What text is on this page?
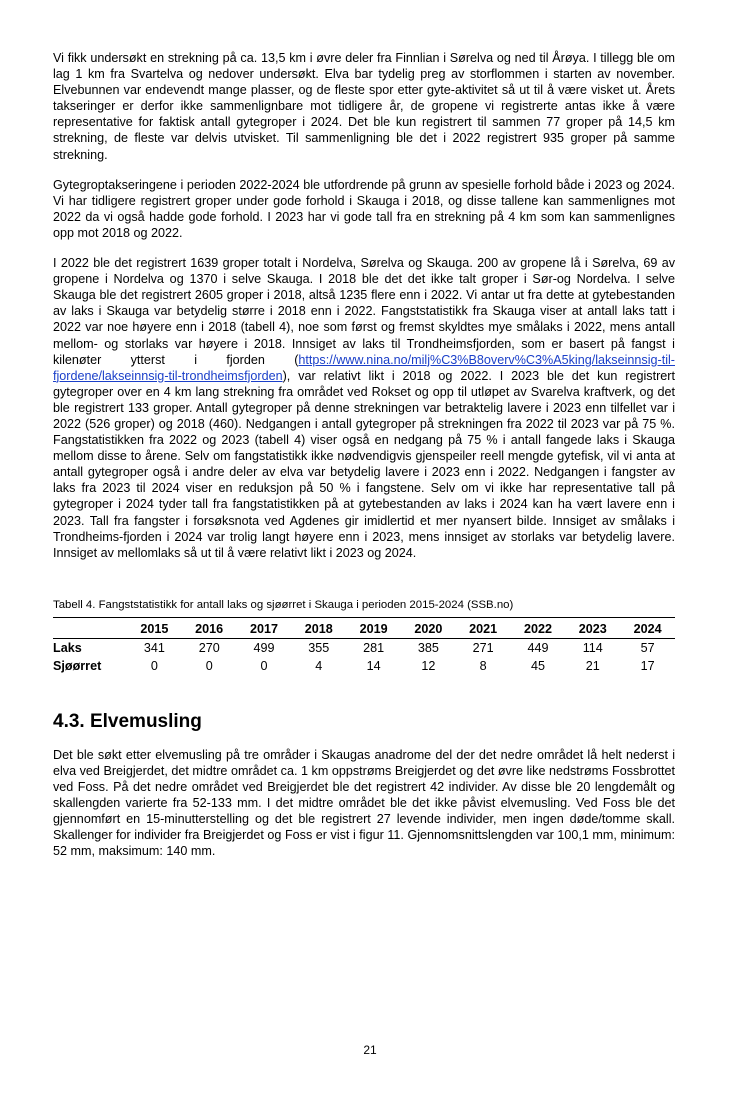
Vi fikk undersøkt en strekning på ca. 13,5 km i øvre deler fra Finnlian i Sørelva og ned til Årøya. I tillegg ble om lag 1 km fra Svartelva og nedover undersøkt. Elva bar tydelig preg av storflommen i starten av november. Elvebunnen var endevendt mange plasser, og de fleste spor etter gyte-aktivitet så ut til å være visket ut. Årets takseringer er derfor ikke sammenlignbare mot tidligere år, de gropene vi registrerte antas ikke å være representative for faktisk antall gytegroper i 2024. Det ble kun registrert til sammen 77 groper på 14,5 km strekning, de fleste var delvis utvisket. Til sammenligning ble det i 2022 registrert 935 groper på samme strekning.

Gytegroptakseringene i perioden 2022-2024 ble utfordrende på grunn av spesielle forhold både i 2023 og 2024. Vi har tidligere registrert groper under gode forhold i Skauga i 2018, og disse tallene kan sammenlignes mot 2022 da vi også hadde gode forhold. I 2023 har vi gode tall fra en strekning på 4 km som kan sammenlignes opp mot 2018 og 2022.

I 2022 ble det registrert 1639 groper totalt i Nordelva, Sørelva og Skauga. 200 av gropene lå i Sørelva, 69 av gropene i Nordelva og 1370 i selve Skauga. I 2018 ble det det ikke talt groper i Sør-og Nordelva. I selve Skauga ble det registrert 2605 groper i 2018, altså 1235 flere enn i 2022. Vi antar ut fra dette at gytebestanden av laks i Skauga var betydelig større i 2018 enn i 2022. Fangststatistikk fra Skauga viser at antall laks tatt i 2022 var noe høyere enn i 2018 (tabell 4), noe som først og fremst skyldtes mye smålaks i 2022, mens antall mellom- og storlaks var høyere i 2018. Innsiget av laks til Trondheimsfjorden, som er basert på fangst i kilenøter ytterst i fjorden (https://www.nina.no/milj%C3%B8overv%C3%A5king/lakseinnsig-til-fjordene/lakseinnsig-til-trondheimsfjorden), var relativt likt i 2018 og 2022. I 2023 ble det kun registrert gytegroper over en 4 km lang strekning fra området ved Rokset og opp til utløpet av Svarelva kraftverk, og det ble registrert 133 groper. Antall gytegroper på denne strekningen var betraktelig lavere i 2023 enn tilfellet var i 2022 (526 groper) og 2018 (460). Nedgangen i antall gytegroper på strekningen fra 2022 til 2023 var på 75 %. Fangstatistikken fra 2022 og 2023 (tabell 4) viser også en nedgang på 75 % i antall fangede laks i Skauga mellom disse to årene. Selv om fangstatistikk ikke nødvendigvis gjenspeiler reell mengde gytefisk, vil vi anta at antall gytegroper også i andre deler av elva var betydelig lavere i 2023 enn i 2022. Nedgangen i fangster av laks fra 2023 til 2024 viser en reduksjon på 50 % i fangstene. Selv om vi ikke har representative tall på gytegroper i 2024 tyder tall fra fangstatistikken på at gytebestanden av laks i 2024 kan ha vært lavere enn i 2023. Tall fra fangster i forsøksnota ved Agdenes gir imidlertid et mer nyansert bilde. Innsiget av smålaks i Trondheims-fjorden i 2024 var trolig langt høyere enn i 2023, mens innsiget av storlaks var betydelig lavere. Innsiget av mellomlaks så ut til å være relativt likt i 2023 og 2024.

Tabell 4. Fangststatistikk for antall laks og sjøørret i Skauga i perioden 2015-2024 (SSB.no)
	2015	2016	2017	2018	2019	2020	2021	2022	2023	2024
Laks	341	270	499	355	281	385	271	449	114	57
Sjøørret	0	0	0	4	14	12	8	45	21	17
4.3. Elvemusling

Det ble søkt etter elvemusling på tre områder i Skaugas anadrome del der det nedre området lå helt nederst i elva ved Breigjerdet, det midtre området ca. 1 km oppstrøms Breigjerdet og det øvre like nedstrøms Fossbrottet ved Foss. På det nedre området ved Breigjerdet ble det registrert 42 individer. Av disse ble 20 lengdemålt og skallengden varierte fra 52-133 mm. I det midtre området ble det ikke påvist elvemusling. Ved Foss ble det gjennomført en 15-minutterstelling og det ble registrert 27 levende individer, men ingen døde/tomme skall. Skallenger for individer fra Breigjerdet og Foss er vist i figur 11. Gjennomsnittslengden var 100,1 mm, minimum: 52 mm, maksimum: 140 mm.

21
